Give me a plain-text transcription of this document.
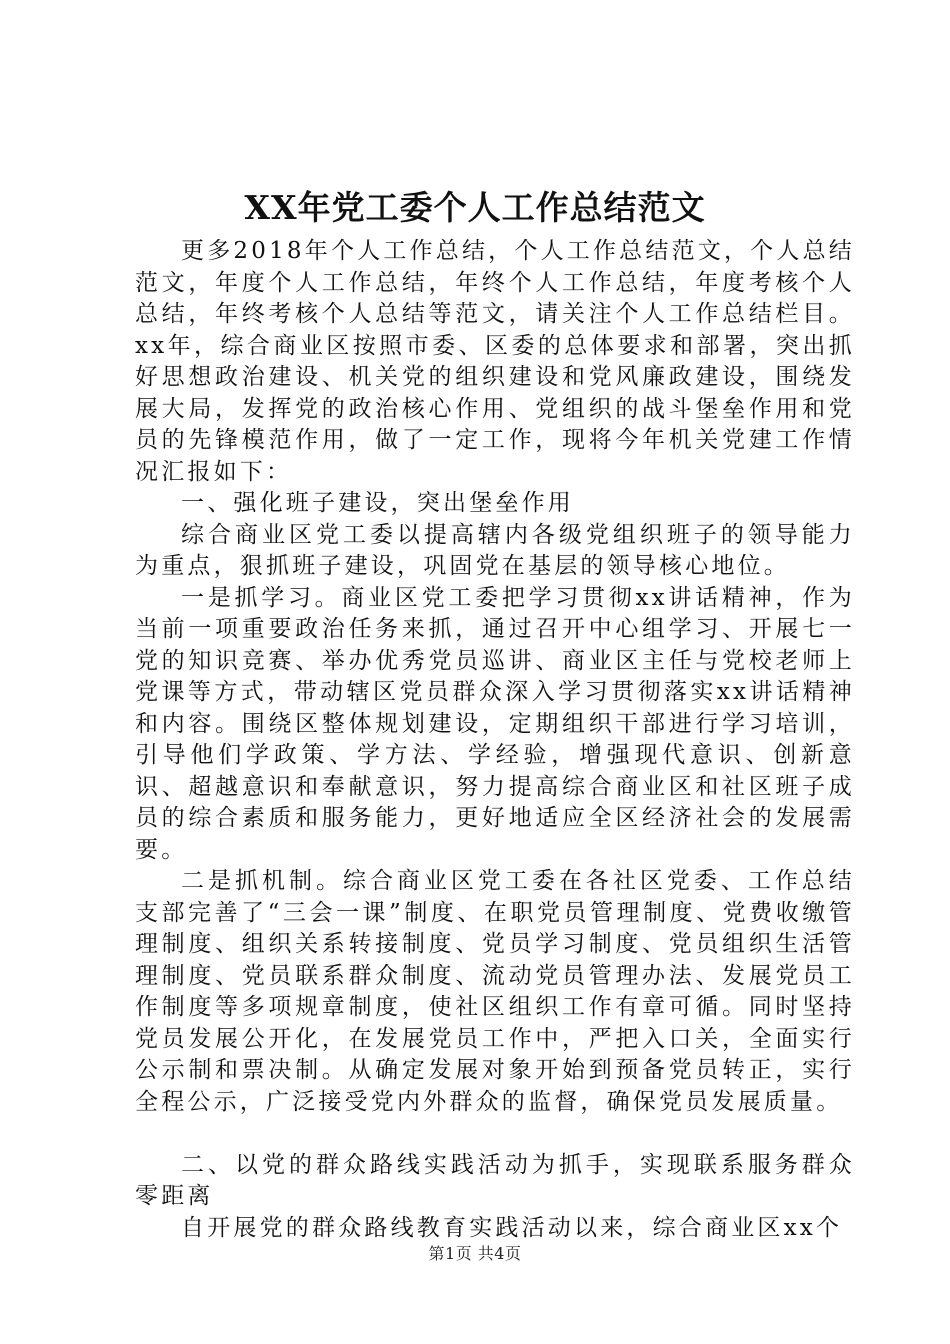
XX年党工委个人工作总结范文

更多2018年个人工作总结，个人工作总结范文，个人总结范文，年度个人工作总结，年终个人工作总结，年度考核个人总结，年终考核个人总结等范文，请关注个人工作总结栏目。xx年，综合商业区按照市委、区委的总体要求和部署，突出抓好思想政治建设、机关党的组织建设和党风廉政建设，围绕发展大局，发挥党的政治核心作用、党组织的战斗堡垒作用和党员的先锋模范作用，做了一定工作，现将今年机关党建工作情况汇报如下：

一、强化班子建设，突出堡垒作用

综合商业区党工委以提高辖内各级党组织班子的领导能力为重点，狠抓班子建设，巩固党在基层的领导核心地位。

一是抓学习。商业区党工委把学习贯彻xx讲话精神，作为当前一项重要政治任务来抓，通过召开中心组学习、开展七一党的知识竞赛、举办优秀党员巡讲、商业区主任与党校老师上党课等方式，带动辖区党员群众深入学习贯彻落实xx讲话精神和内容。围绕区整体规划建设，定期组织干部进行学习培训，引导他们学政策、学方法、学经验，增强现代意识、创新意识、超越意识和奉献意识，努力提高综合商业区和社区班子成员的综合素质和服务能力，更好地适应全区经济社会的发展需要。

二是抓机制。综合商业区党工委在各社区党委、工作总结支部完善了“三会一课”制度、在职党员管理制度、党费收缴管理制度、组织关系转接制度、党员学习制度、党员组织生活管理制度、党员联系群众制度、流动党员管理办法、发展党员工作制度等多项规章制度，使社区组织工作有章可循。同时坚持党员发展公开化，在发展党员工作中，严把入口关，全面实行公示制和票决制。从确定发展对象开始到预备党员转正，实行全程公示，广泛接受党内外群众的监督，确保党员发展质量。

二、以党的群众路线实践活动为抓手，实现联系服务群众零距离

自开展党的群众路线教育实践活动以来，综合商业区xx个

第1页 共4页
